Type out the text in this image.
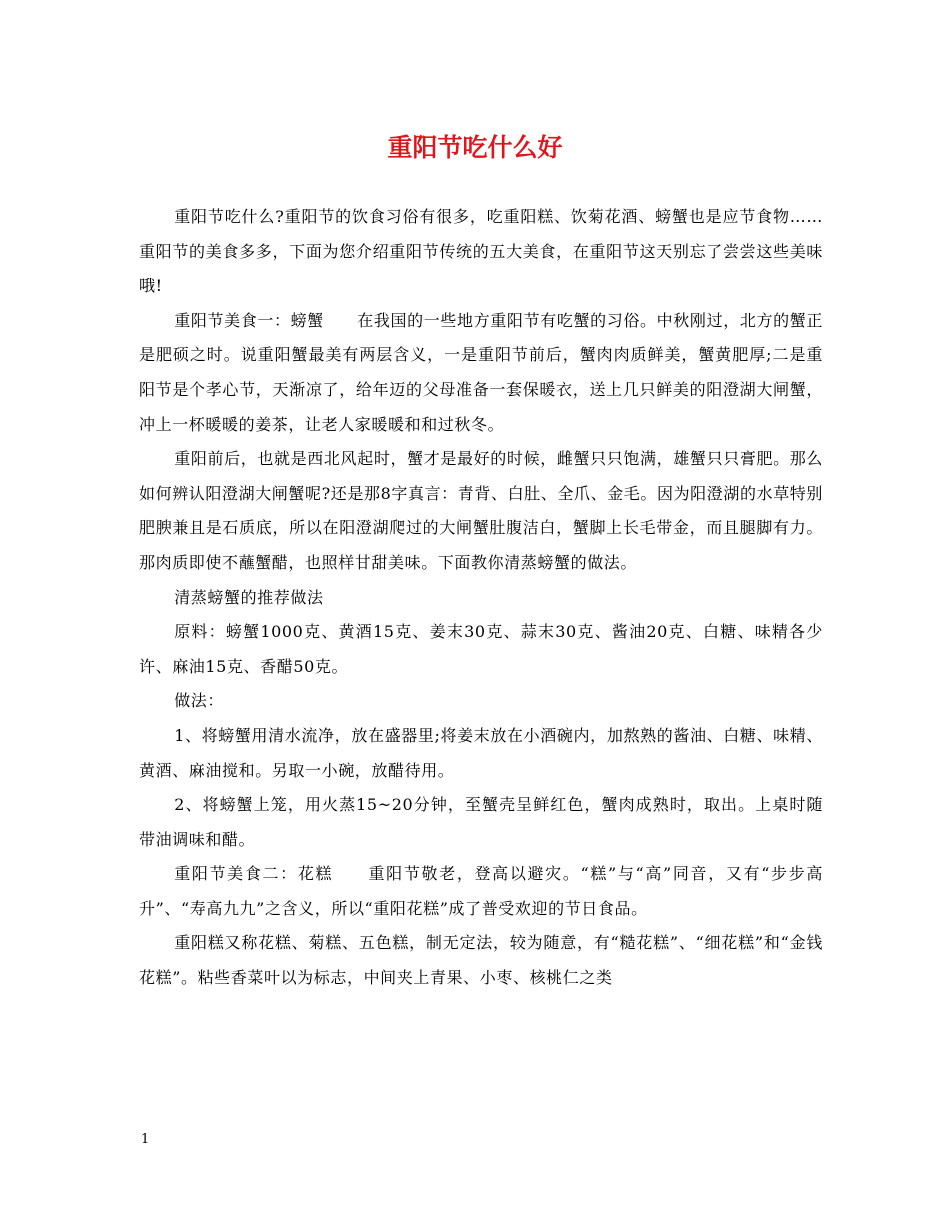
重阳节吃什么好

重阳节吃什么?重阳节的饮食习俗有很多，吃重阳糕、饮菊花酒、螃蟹也是应节食物……重阳节的美食多多，下面为您介绍重阳节传统的五大美食，在重阳节这天别忘了尝尝这些美味哦!

重阳节美食一：螃蟹　　在我国的一些地方重阳节有吃蟹的习俗。中秋刚过，北方的蟹正是肥硕之时。说重阳蟹最美有两层含义，一是重阳节前后，蟹肉肉质鲜美，蟹黄肥厚;二是重阳节是个孝心节，天渐凉了，给年迈的父母准备一套保暖衣，送上几只鲜美的阳澄湖大闸蟹，冲上一杯暖暖的姜茶，让老人家暖暖和和过秋冬。

重阳前后，也就是西北风起时，蟹才是最好的时候，雌蟹只只饱满，雄蟹只只膏肥。那么如何辨认阳澄湖大闸蟹呢?还是那8字真言：青背、白肚、全爪、金毛。因为阳澄湖的水草特别肥腴兼且是石质底，所以在阳澄湖爬过的大闸蟹肚腹洁白，蟹脚上长毛带金，而且腿脚有力。那肉质即使不蘸蟹醋，也照样甘甜美味。下面教你清蒸螃蟹的做法。

清蒸螃蟹的推荐做法

原料：螃蟹1000克、黄酒15克、姜末30克、蒜末30克、酱油20克、白糖、味精各少许、麻油15克、香醋50克。

做法：

1、将螃蟹用清水流净，放在盛器里;将姜末放在小酒碗内，加熬熟的酱油、白糖、味精、黄酒、麻油搅和。另取一小碗，放醋待用。

2、将螃蟹上笼，用火蒸15~20分钟，至蟹壳呈鲜红色，蟹肉成熟时，取出。上桌时随带油调味和醋。

重阳节美食二：花糕　　重阳节敬老，登高以避灾。“糕”与“高”同音，又有“步步高升”、“寿高九九”之含义，所以“重阳花糕”成了普受欢迎的节日食品。

重阳糕又称花糕、菊糕、五色糕，制无定法，较为随意，有“糙花糕”、“细花糕”和“金钱花糕”。粘些香菜叶以为标志，中间夹上青果、小枣、核桃仁之类

1
